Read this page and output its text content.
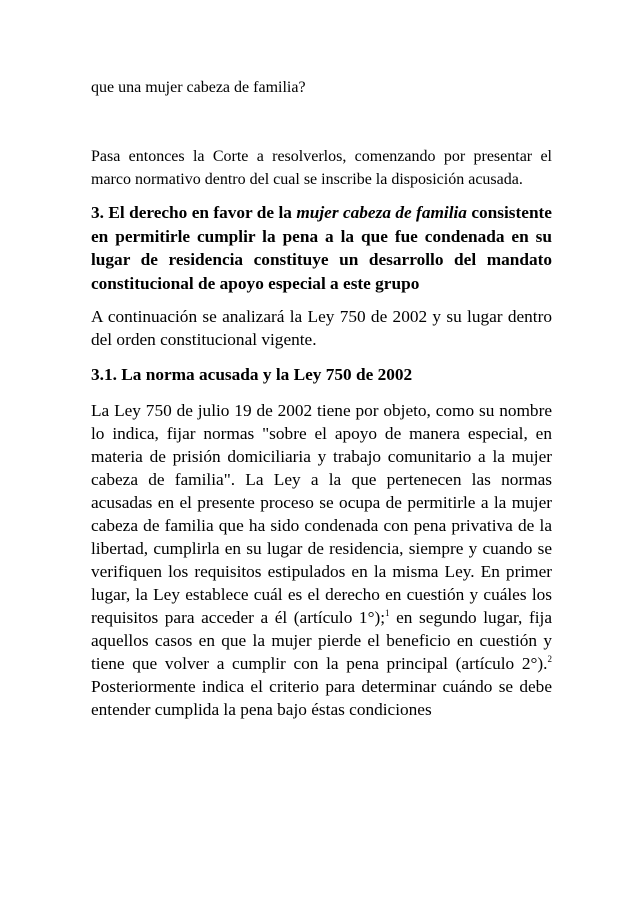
que una mujer cabeza de familia?

Pasa entonces la Corte a resolverlos, comenzando por presentar el marco normativo dentro del cual se inscribe la disposición acusada.

3. El derecho en favor de la mujer cabeza de familia consistente en permitirle cumplir la pena a la que fue condenada en su lugar de residencia constituye un desarrollo del mandato constitucional de apoyo especial a este grupo

A continuación se analizará la Ley 750 de 2002 y su lugar dentro del orden constitucional vigente.

3.1. La norma acusada y la Ley 750 de 2002

La Ley 750 de julio 19 de 2002 tiene por objeto, como su nombre lo indica, fijar normas "sobre el apoyo de manera especial, en materia de prisión domiciliaria y trabajo comunitario a la mujer cabeza de familia". La Ley a la que pertenecen las normas acusadas en el presente proceso se ocupa de permitirle a la mujer cabeza de familia que ha sido condenada con pena privativa de la libertad, cumplirla en su lugar de residencia, siempre y cuando se verifiquen los requisitos estipulados en la misma Ley. En primer lugar, la Ley establece cuál es el derecho en cuestión y cuáles los requisitos para acceder a él (artículo 1°);$^1$ en segundo lugar, fija aquellos casos en que la mujer pierde el beneficio en cuestión y tiene que volver a cumplir con la pena principal (artículo 2°).$^2$ Posteriormente indica el criterio para determinar cuándo se debe entender cumplida la pena bajo éstas condiciones
